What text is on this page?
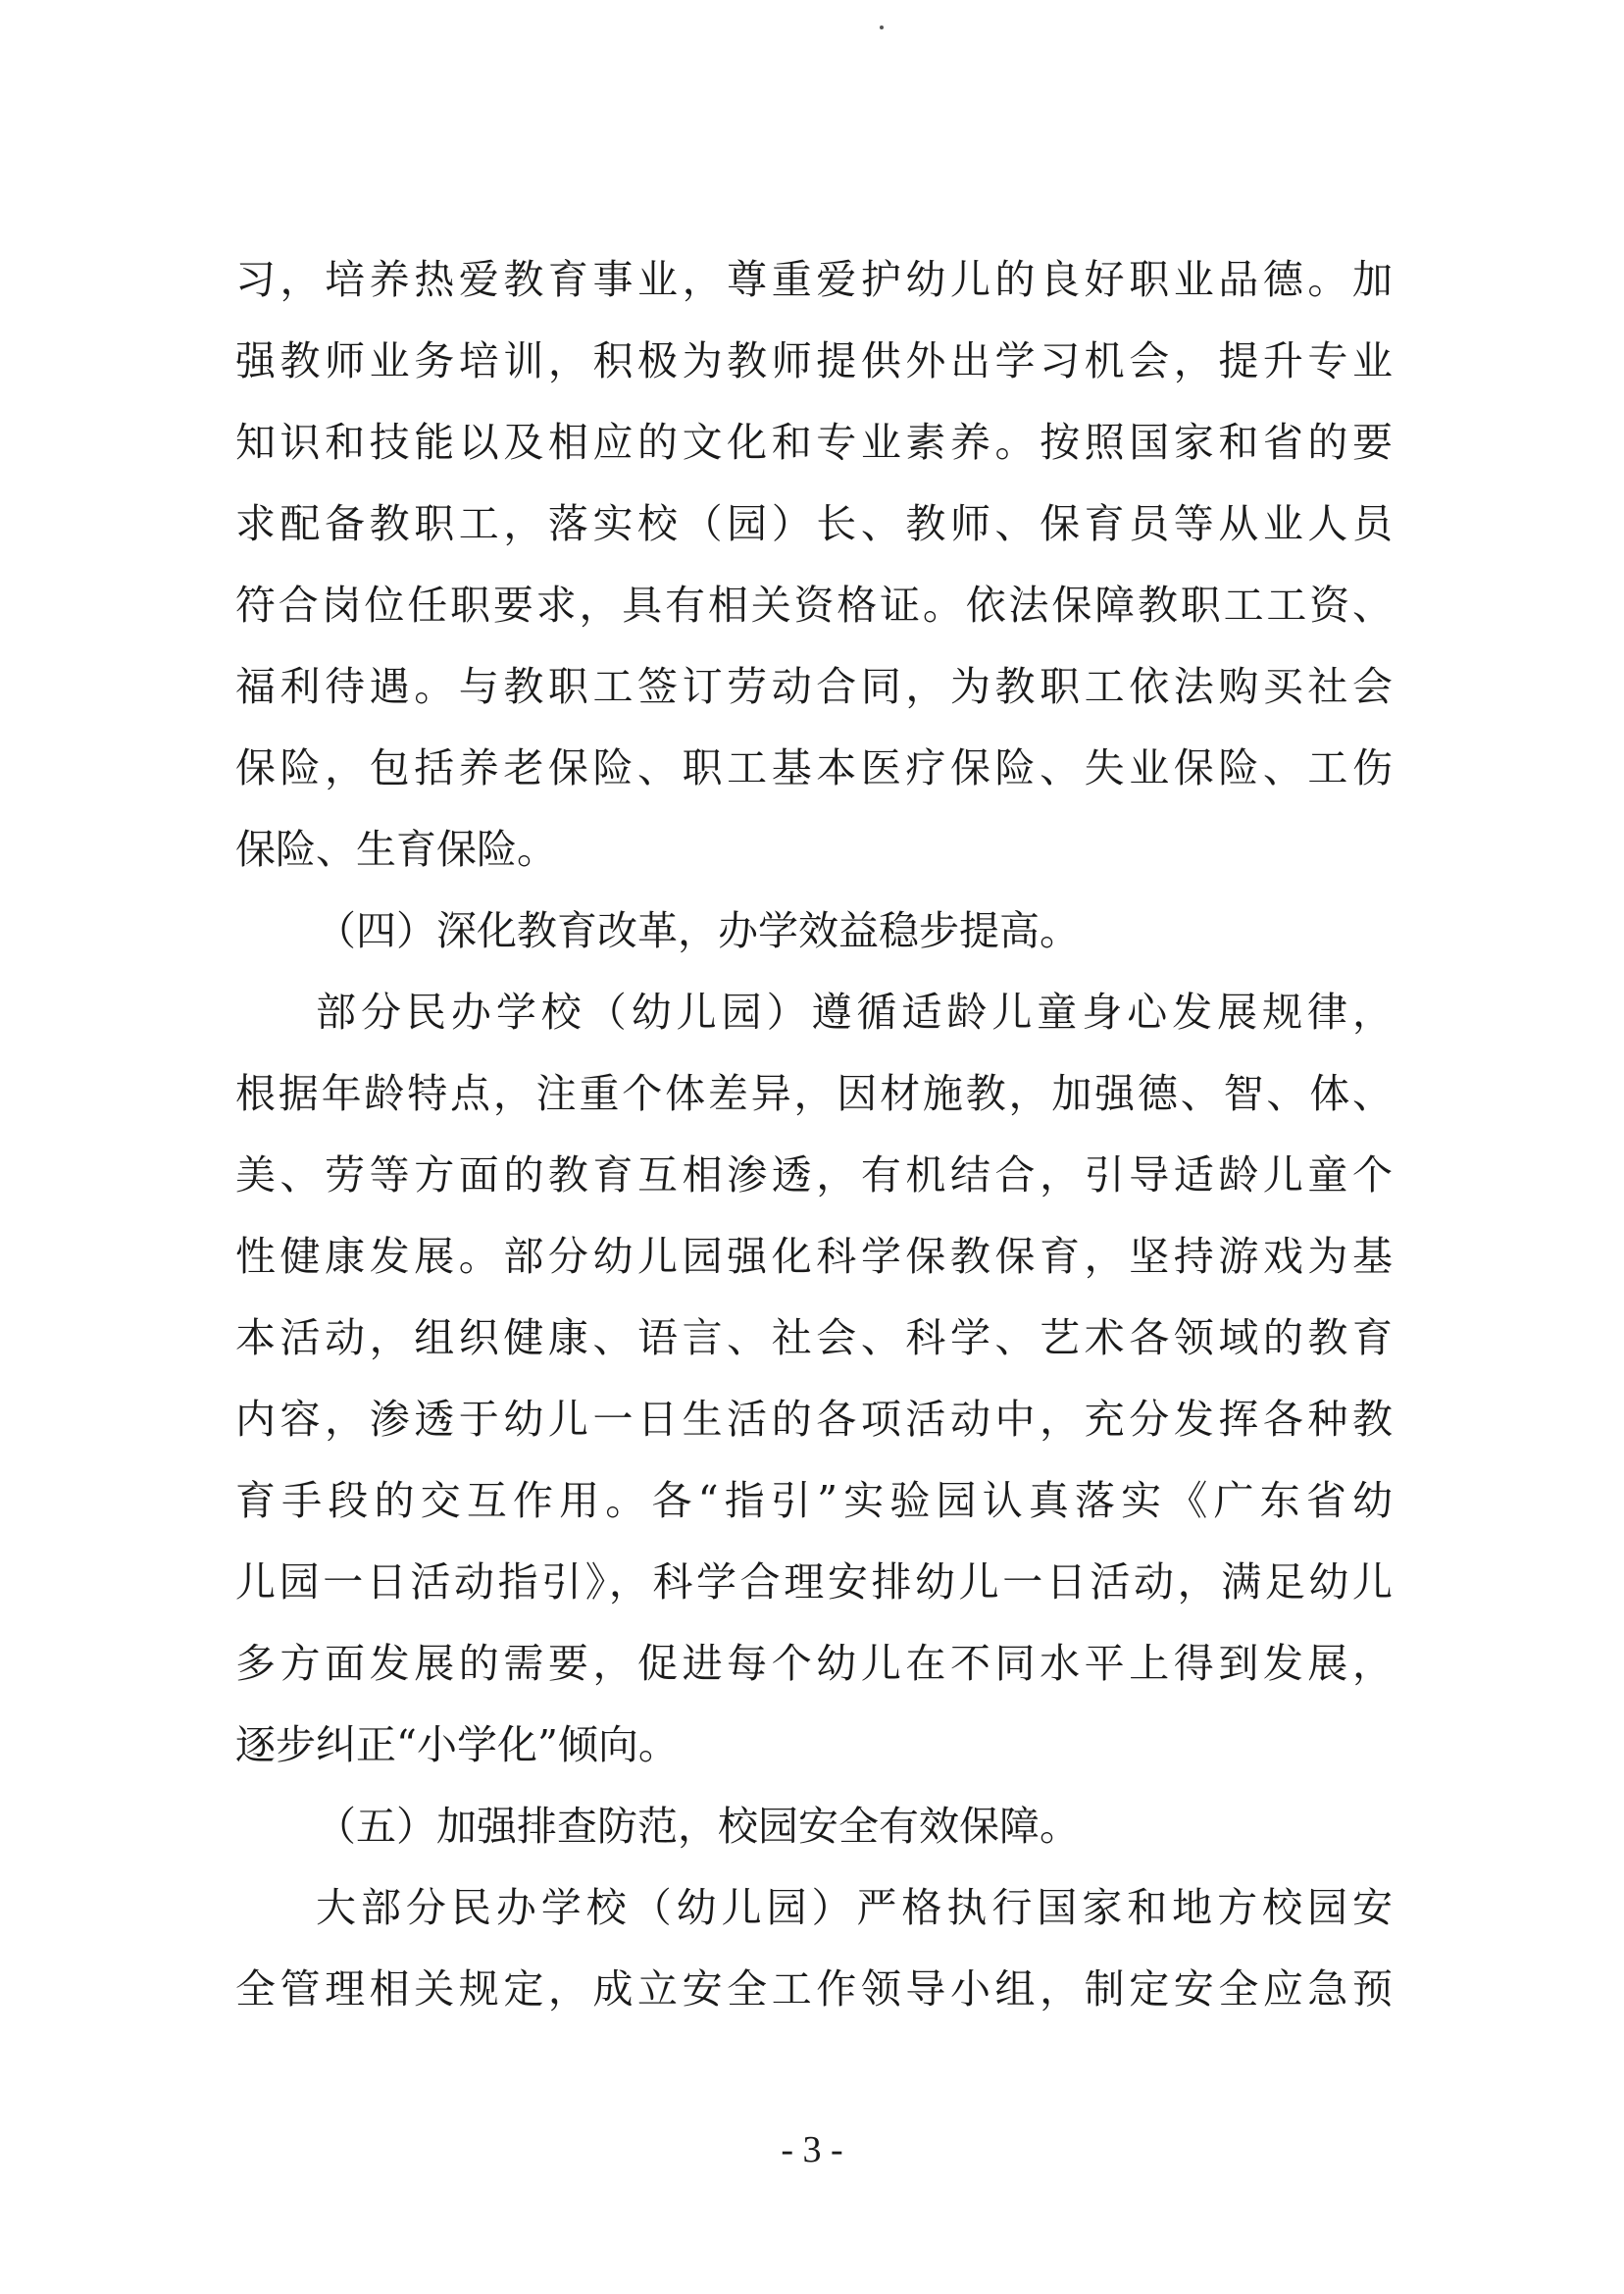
习，培养热爱教育事业，尊重爱护幼儿的良好职业品德。加
强教师业务培训，积极为教师提供外出学习机会，提升专业
知识和技能以及相应的文化和专业素养。按照国家和省的要
求配备教职工，落实校（园）长、教师、保育员等从业人员
符合岗位任职要求，具有相关资格证。依法保障教职工工资、
福利待遇。与教职工签订劳动合同，为教职工依法购买社会
保险，包括养老保险、职工基本医疗保险、失业保险、工伤
保险、生育保险。
（四）深化教育改革，办学效益稳步提高。
部分民办学校（幼儿园）遵循适龄儿童身心发展规律，
根据年龄特点，注重个体差异，因材施教，加强德、智、体、
美、劳等方面的教育互相渗透，有机结合，引导适龄儿童个
性健康发展。部分幼儿园强化科学保教保育，坚持游戏为基
本活动，组织健康、语言、社会、科学、艺术各领域的教育
内容，渗透于幼儿一日生活的各项活动中，充分发挥各种教
育手段的交互作用。各“指引”实验园认真落实《广东省幼
儿园一日活动指引》，科学合理安排幼儿一日活动，满足幼儿
多方面发展的需要，促进每个幼儿在不同水平上得到发展，
逐步纠正“小学化”倾向。
（五）加强排查防范，校园安全有效保障。
大部分民办学校（幼儿园）严格执行国家和地方校园安
全管理相关规定，成立安全工作领导小组，制定安全应急预
- 3 -
